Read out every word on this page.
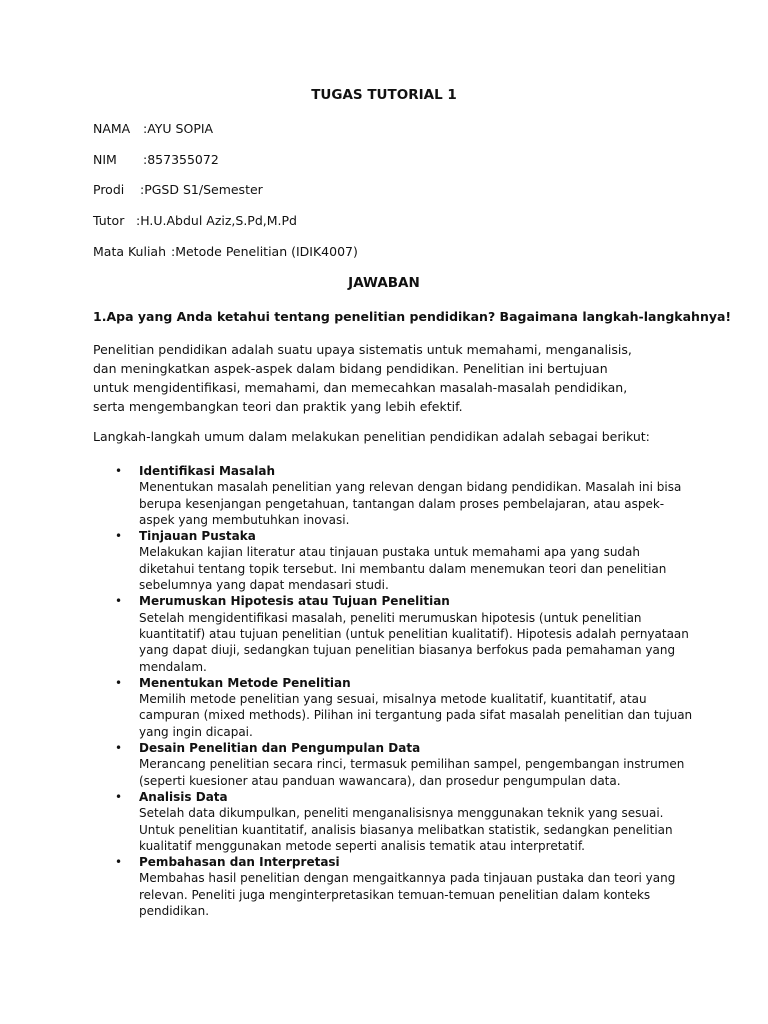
TUGAS TUTORIAL 1
NAMA :AYU SOPIA
NIM :857355072
Prodi :PGSD S1/Semester
Tutor :H.U.Abdul Aziz,S.Pd,M.Pd
Mata Kuliah :Metode Penelitian (IDIK4007)
JAWABAN
1.Apa yang Anda ketahui tentang penelitian pendidikan? Bagaimana langkah-langkahnya!
Penelitian pendidikan adalah suatu upaya sistematis untuk memahami, menganalisis, dan meningkatkan aspek-aspek dalam bidang pendidikan. Penelitian ini bertujuan untuk mengidentifikasi, memahami, dan memecahkan masalah-masalah pendidikan, serta mengembangkan teori dan praktik yang lebih efektif.
Langkah-langkah umum dalam melakukan penelitian pendidikan adalah sebagai berikut:
• Identifikasi Masalah
Menentukan masalah penelitian yang relevan dengan bidang pendidikan. Masalah ini bisa berupa kesenjangan pengetahuan, tantangan dalam proses pembelajaran, atau aspek-aspek yang membutuhkan inovasi.
• Tinjauan Pustaka
Melakukan kajian literatur atau tinjauan pustaka untuk memahami apa yang sudah diketahui tentang topik tersebut. Ini membantu dalam menemukan teori dan penelitian sebelumnya yang dapat mendasari studi.
• Merumuskan Hipotesis atau Tujuan Penelitian
Setelah mengidentifikasi masalah, peneliti merumuskan hipotesis (untuk penelitian kuantitatif) atau tujuan penelitian (untuk penelitian kualitatif). Hipotesis adalah pernyataan yang dapat diuji, sedangkan tujuan penelitian biasanya berfokus pada pemahaman yang mendalam.
• Menentukan Metode Penelitian
Memilih metode penelitian yang sesuai, misalnya metode kualitatif, kuantitatif, atau campuran (mixed methods). Pilihan ini tergantung pada sifat masalah penelitian dan tujuan yang ingin dicapai.
• Desain Penelitian dan Pengumpulan Data
Merancang penelitian secara rinci, termasuk pemilihan sampel, pengembangan instrumen (seperti kuesioner atau panduan wawancara), dan prosedur pengumpulan data.
• Analisis Data
Setelah data dikumpulkan, peneliti menganalisisnya menggunakan teknik yang sesuai. Untuk penelitian kuantitatif, analisis biasanya melibatkan statistik, sedangkan penelitian kualitatif menggunakan metode seperti analisis tematik atau interpretatif.
• Pembahasan dan Interpretasi
Membahas hasil penelitian dengan mengaitkannya pada tinjauan pustaka dan teori yang relevan. Peneliti juga menginterpretasikan temuan-temuan penelitian dalam konteks pendidikan.
